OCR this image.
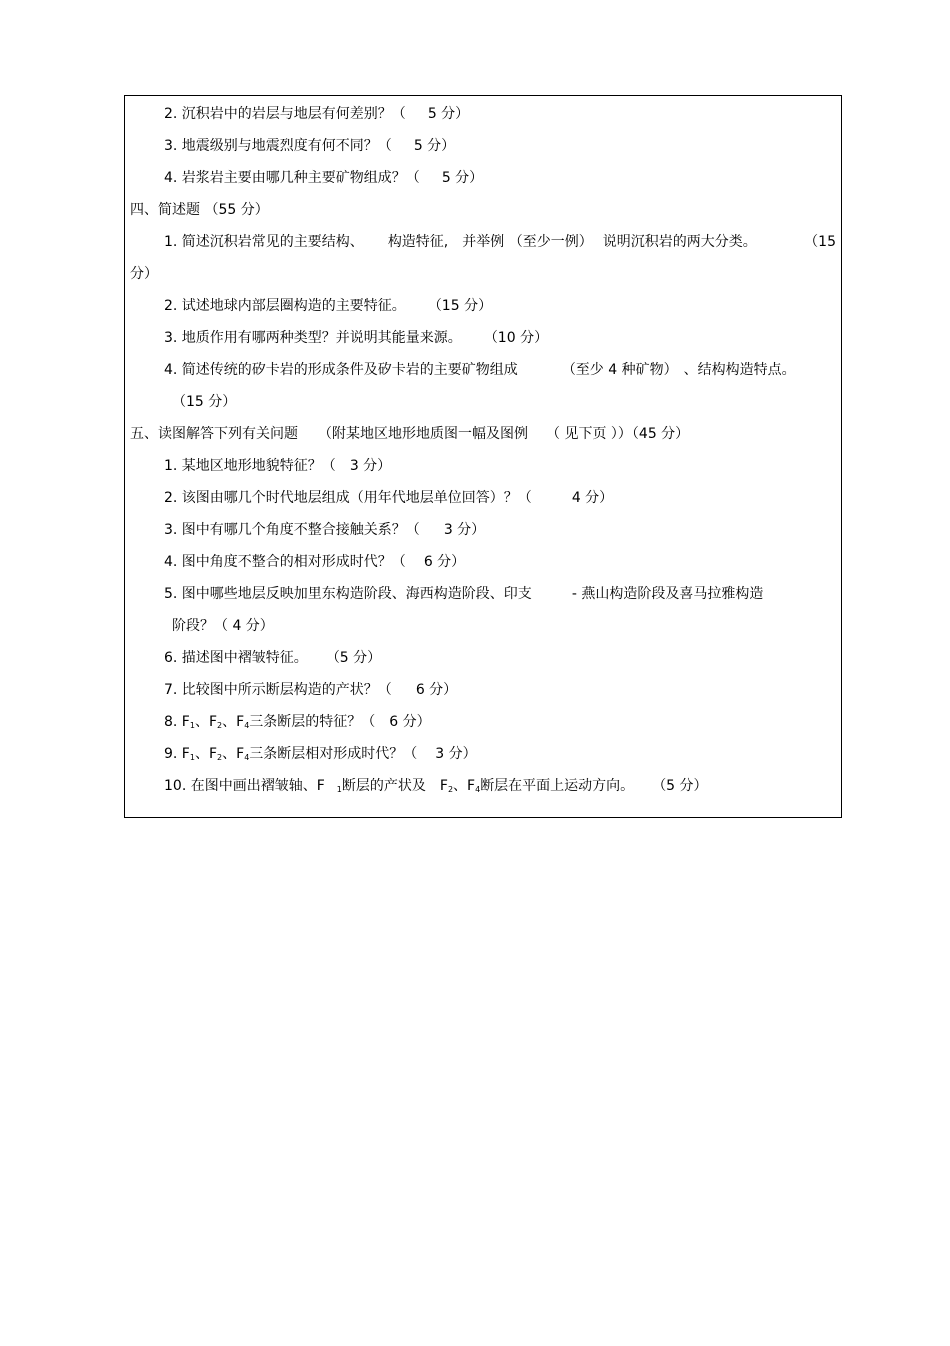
2. 沉积岩中的岩层与地层有何差别？（ 5 分）
3. 地震级别与地震烈度有何不同？（ 5 分）
4. 岩浆岩主要由哪几种主要矿物组成？（ 5 分）
四、简述题 （55 分）
1. 简述沉积岩常见的主要结构、 构造特征, 并举例 （至少一例） 说明沉积岩的两大分类。	（15
分）
2. 试述地球内部层圈构造的主要特征。 （15 分）
3. 地质作用有哪两种类型？并说明其能量来源。 （10 分）
4. 简述传统的矽卡岩的形成条件及矽卡岩的主要矿物组成	（至少 4 种矿物） 、结构构造特点。
（15 分）
五、读图解答下列有关问题 （附某地区地形地质图一幅及图例 （ 见下页 ））（45 分）
1. 某地区地形地貌特征？（ 3 分）
2. 该图由哪几个时代地层组成（用年代地层单位回答）？（	4 分）
3. 图中有哪几个角度不整合接触关系？（ 3 分）
4. 图中角度不整合的相对形成时代？（ 6 分）
5. 图中哪些地层反映加里东构造阶段、海西构造阶段、印支	- 燕山构造阶段及喜马拉雅构造
阶段？（ 4 分）
6. 描述图中褶皱特征。 （5 分）
7. 比较图中所示断层构造的产状？（ 6 分）
8. $F_1$、$F_2$、$F_4$三条断层的特征？（ 6 分）
9. $F_1$、$F_2$、$F_4$三条断层相对形成时代？（ 3 分）
10. 在图中画出褶皱轴、F $_1$断层的产状及 $F_2$、$F_4$断层在平面上运动方向。 （5 分）
